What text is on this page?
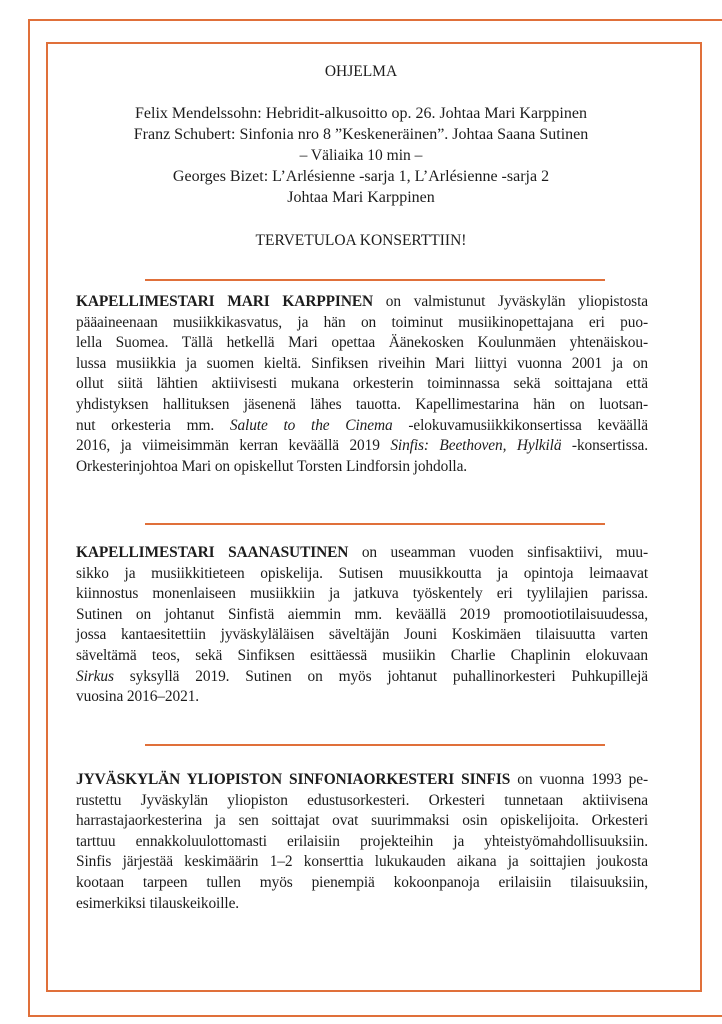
OHJELMA
Felix Mendelssohn: Hebridit-alkusoitto op. 26. Johtaa Mari Karppinen
Franz Schubert: Sinfonia nro 8 ”Keskeneräinen”. Johtaa Saana Sutinen
– Väliaika 10 min –
Georges Bizet: L’Arlésienne -sarja 1, L’Arlésienne -sarja 2
Johtaa Mari Karppinen
TERVETULOA KONSERTTIIN!
KAPELLIMESTARI MARI KARPPINEN on valmistunut Jyväskylän yliopistosta
pääaineenaan musiikkikasvatus, ja hän on toiminut musiikinopettajana eri puo-
lella Suomea. Tällä hetkellä Mari opettaa Äänekosken Koulunmäen yhtenäiskou-
lussa musiikkia ja suomen kieltä. Sinfiksen riveihin Mari liittyi vuonna 2001 ja on
ollut siitä lähtien aktiivisesti mukana orkesterin toiminnassa sekä soittajana että
yhdistyksen hallituksen jäsenenä lähes tauotta. Kapellimestarina hän on luotsan-
nut orkesteria mm. Salute to the Cinema -elokuvamusiikkikonsertissa keväällä
2016, ja viimeisimmän kerran keväällä 2019 Sinfis: Beethoven, Hylkilä -konsertissa.
Orkesterinjohtoa Mari on opiskellut Torsten Lindforsin johdolla.
KAPELLIMESTARI SAANASUTINEN on useamman vuoden sinfisaktiivi, muu-
sikko ja musiikkitieteen opiskelija. Sutisen muusikkoutta ja opintoja leimaavat
kiinnostus monenlaiseen musiikkiin ja jatkuva työskentely eri tyylilajien parissa.
Sutinen on johtanut Sinfistä aiemmin mm. keväällä 2019 promootiotilaisuudessa,
jossa kantaesitettiin jyväskyläläisen säveltäjän Jouni Koskimäen tilaisuutta varten
säveltämä teos, sekä Sinfiksen esittäessä musiikin Charlie Chaplinin elokuvaan
Sirkus syksyllä 2019. Sutinen on myös johtanut puhallinorkesteri Puhkupillejä
vuosina 2016–2021.
JYVÄSKYLÄN YLIOPISTON SINFONIAORKESTERI SINFIS on vuonna 1993 pe-
rustettu Jyväskylän yliopiston edustusorkesteri. Orkesteri tunnetaan aktiivisena
harrastajaorkesterina ja sen soittajat ovat suurimmaksi osin opiskelijoita. Orkesteri
tarttuu ennakkoluulottomasti erilaisiin projekteihin ja yhteistyömahdollisuuksiin.
Sinfis järjestää keskimäärin 1–2 konserttia lukukauden aikana ja soittajien joukosta
kootaan tarpeen tullen myös pienempiä kokoonpanoja erilaisiin tilaisuuksiin,
esimerkiksi tilauskeikoille.
